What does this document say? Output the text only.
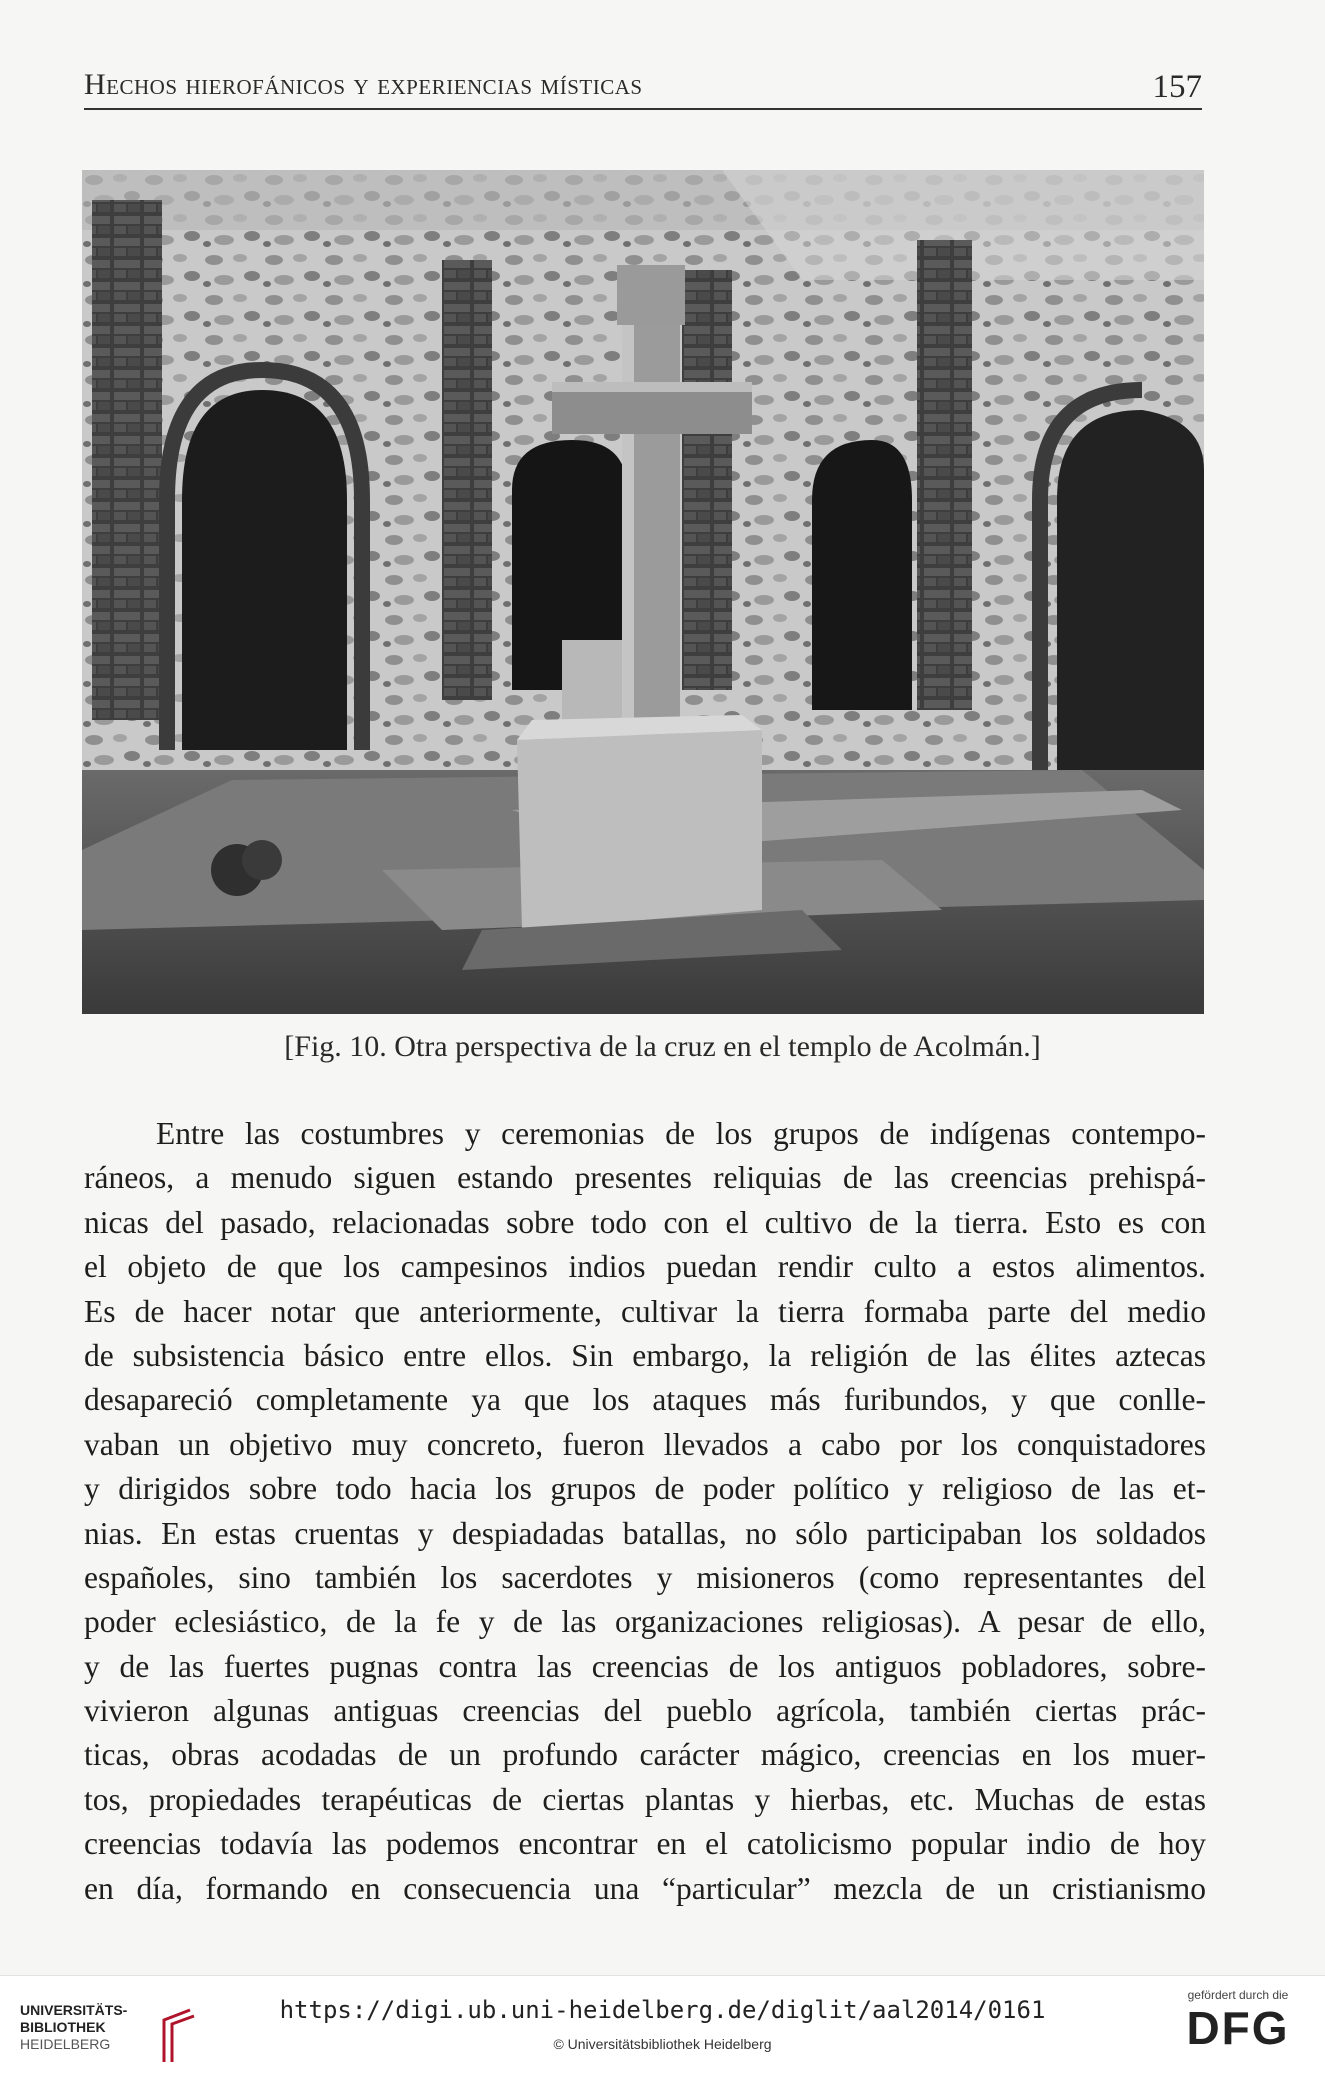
Hechos hierofánicos y experiencias místicas	157
[Fig. 10. Otra perspectiva de la cruz en el templo de Acolmán.]
Entre las costumbres y ceremonias de los grupos de indígenas contempo-
ráneos, a menudo siguen estando presentes reliquias de las creencias prehispá-
nicas del pasado, relacionadas sobre todo con el cultivo de la tierra. Esto es con
el objeto de que los campesinos indios puedan rendir culto a estos alimentos.
Es de hacer notar que anteriormente, cultivar la tierra formaba parte del medio
de subsistencia básico entre ellos. Sin embargo, la religión de las élites aztecas
desapareció completamente ya que los ataques más furibundos, y que conlle-
vaban un objetivo muy concreto, fueron llevados a cabo por los conquistadores
y dirigidos sobre todo hacia los grupos de poder político y religioso de las et-
nias. En estas cruentas y despiadadas batallas, no sólo participaban los soldados
españoles, sino también los sacerdotes y misioneros (como representantes del
poder eclesiástico, de la fe y de las organizaciones religiosas). A pesar de ello,
y de las fuertes pugnas contra las creencias de los antiguos pobladores, sobre-
vivieron algunas antiguas creencias del pueblo agrícola, también ciertas prác-
ticas, obras acodadas de un profundo carácter mágico, creencias en los muer-
tos, propiedades terapéuticas de ciertas plantas y hierbas, etc. Muchas de estas
creencias todavía las podemos encontrar en el catolicismo popular indio de hoy
en día, formando en consecuencia una “particular” mezcla de un cristianismo
UNIVERSITÄTS-
BIBLIOTHEK
HEIDELBERG
https://digi.ub.uni-heidelberg.de/diglit/aal2014/0161
© Universitätsbibliothek Heidelberg
gefördert durch die
DFG
